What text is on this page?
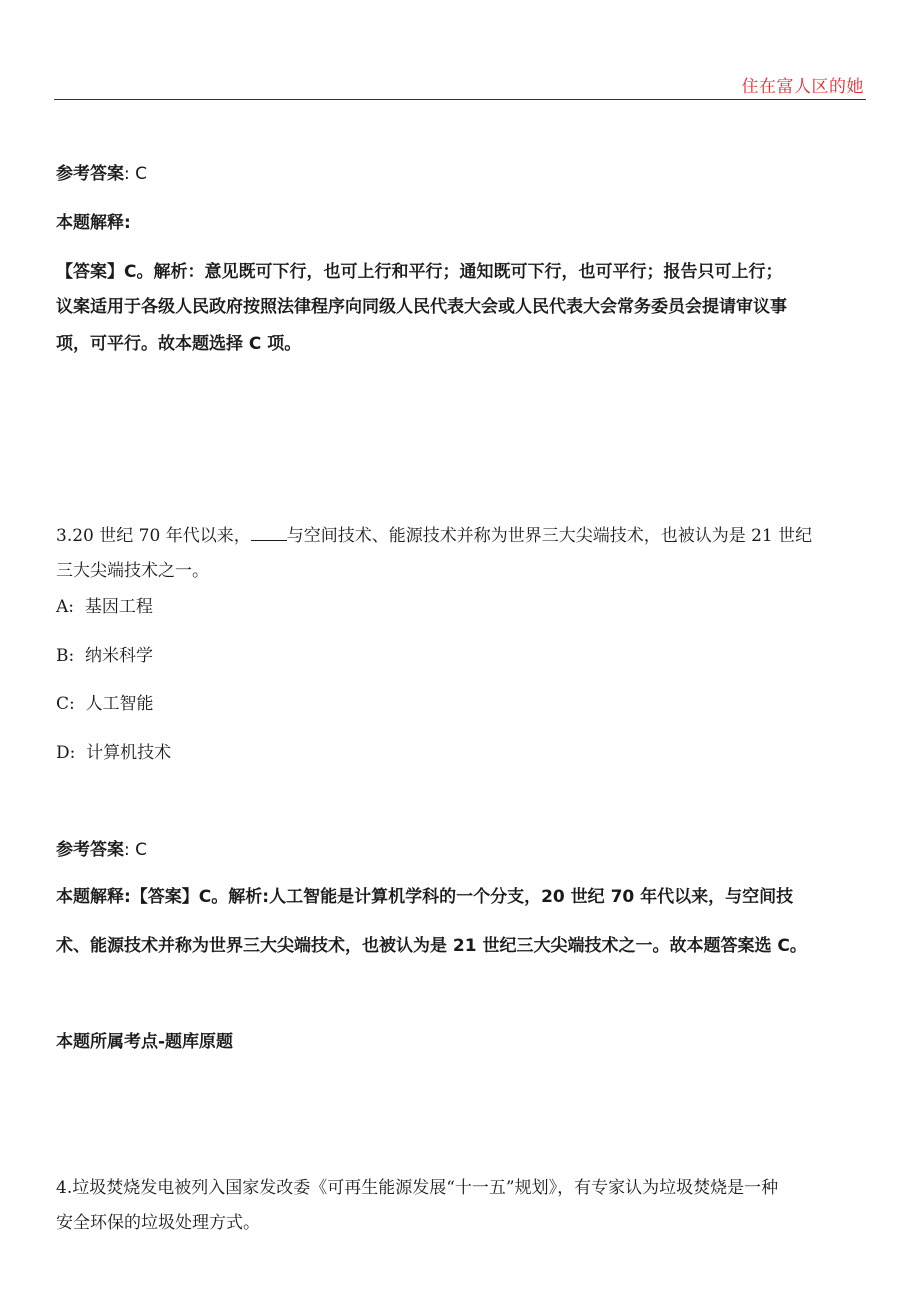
住在富人区的她
参考答案: C
本题解释:
【答案】C。解析：意见既可下行，也可上行和平行；通知既可下行，也可平行；报告只可上行；
议案适用于各级人民政府按照法律程序向同级人民代表大会或人民代表大会常务委员会提请审议事
项，可平行。故本题选择 C 项。
3.20 世纪 70 年代以来， 与空间技术、能源技术并称为世界三大尖端技术，也被认为是 21 世纪
三大尖端技术之一。
A: 基因工程
B: 纳米科学
C: 人工智能
D: 计算机技术
参考答案: C
本题解释:【答案】C。解析:人工智能是计算机学科的一个分支，20 世纪 70 年代以来，与空间技
术、能源技术并称为世界三大尖端技术，也被认为是 21 世纪三大尖端技术之一。故本题答案选 C。
本题所属考点-题库原题
4.垃圾焚烧发电被列入国家发改委《可再生能源发展“十一五”规划》，有专家认为垃圾焚烧是一种
安全环保的垃圾处理方式。
